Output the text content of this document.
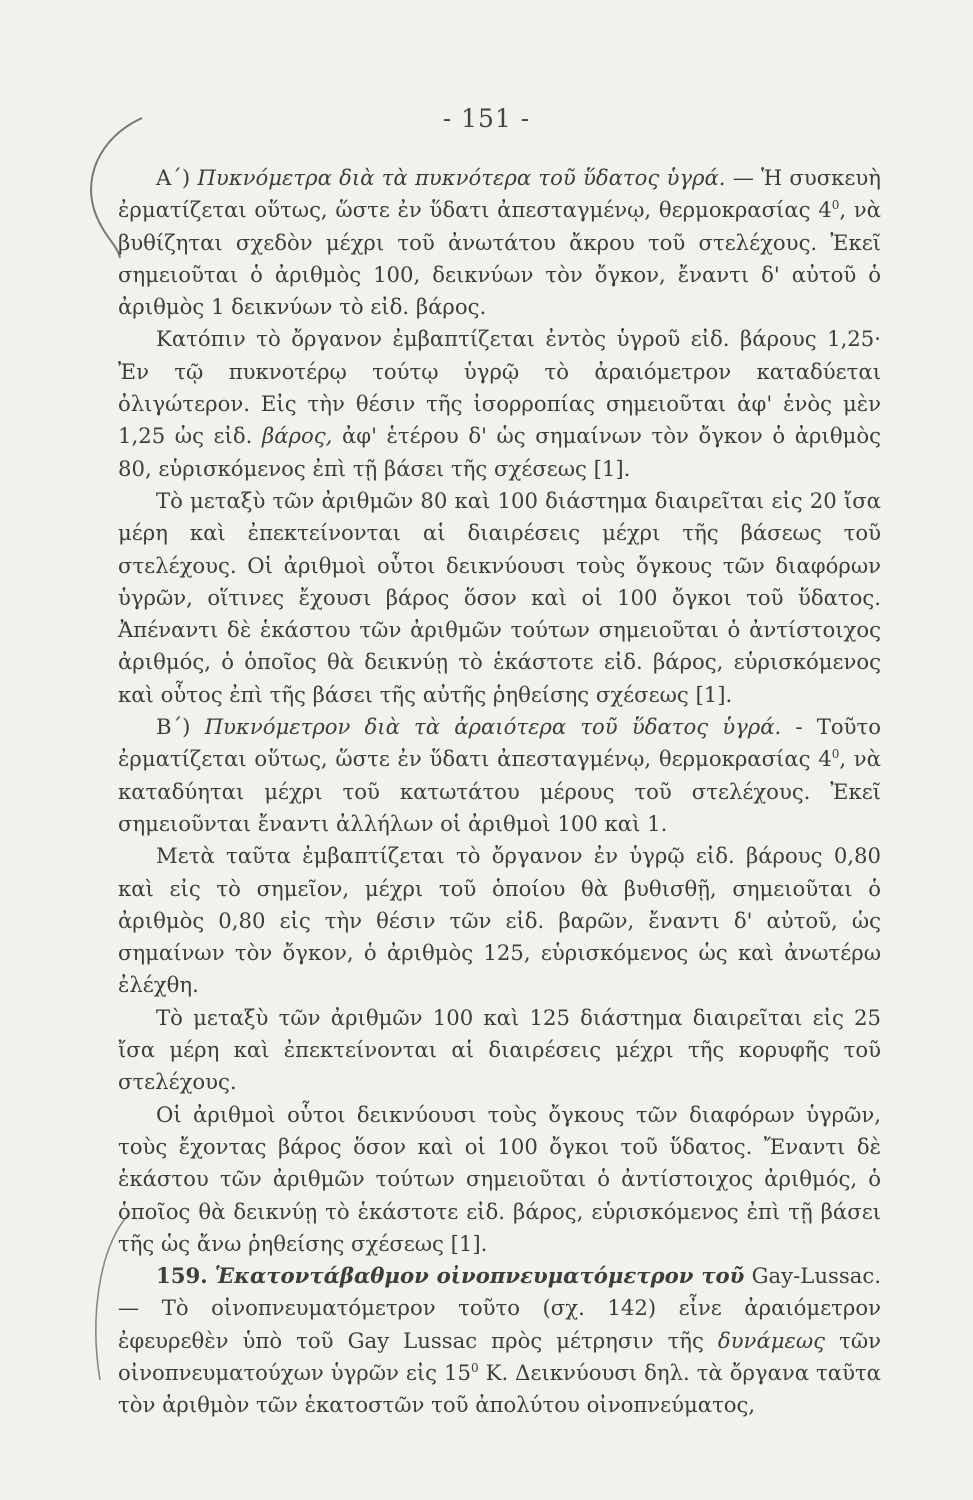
- 151 -

Α΄) Πυκνόμετρα διὰ τὰ πυκνότερα τοῦ ὕδατος ὑγρά. — Ἡ συσκευὴ ἐρματίζεται οὕτως, ὥστε ἐν ὕδατι ἀπεσταγμένῳ, θερμοκρασίας $4^0$, νὰ βυθίζηται σχεδὸν μέχρι τοῦ ἀνωτάτου ἄκρου τοῦ στελέχους. Ἐκεῖ σημειοῦται ὁ ἀριθμὸς 100, δεικνύων τὸν ὄγκον, ἔναντι δ' αὐτοῦ ὁ ἀριθμὸς 1 δεικνύων τὸ εἰδ. βάρος.

Κατόπιν τὸ ὄργανον ἐμβαπτίζεται ἐντὸς ὑγροῦ εἰδ. βάρους 1,25· Ἐν τῷ πυκνοτέρῳ τούτῳ ὑγρῷ τὸ ἀραιόμετρον καταδύεται ὀλιγώτερον. Εἰς τὴν θέσιν τῆς ἰσορροπίας σημειοῦται ἀφ' ἑνὸς μὲν 1,25 ὡς εἰδ. βάρος, ἀφ' ἑτέρου δ' ὡς σημαίνων τὸν ὄγκον ὁ ἀριθμὸς 80, εὑρισκόμενος ἐπὶ τῇ βάσει τῆς σχέσεως [1].

Τὸ μεταξὺ τῶν ἀριθμῶν 80 καὶ 100 διάστημα διαιρεῖται εἰς 20 ἴσα μέρη καὶ ἐπεκτείνονται αἱ διαιρέσεις μέχρι τῆς βάσεως τοῦ στελέχους. Οἱ ἀριθμοὶ οὗτοι δεικνύουσι τοὺς ὄγκους τῶν διαφόρων ὑγρῶν, οἵτινες ἔχουσι βάρος ὅσον καὶ οἱ 100 ὄγκοι τοῦ ὕδατος. Ἀπέναντι δὲ ἑκάστου τῶν ἀριθμῶν τούτων σημειοῦται ὁ ἀντίστοιχος ἀριθμός, ὁ ὁποῖος θὰ δεικνύῃ τὸ ἑκάστοτε εἰδ. βάρος, εὑρισκόμενος καὶ οὗτος ἐπὶ τῆς βάσει τῆς αὐτῆς ῥηθείσης σχέσεως [1].

Β΄) Πυκνόμετρον διὰ τὰ ἀραιότερα τοῦ ὕδατος ὑγρά. - Τοῦτο ἐρματίζεται οὕτως, ὥστε ἐν ὕδατι ἀπεσταγμένῳ, θερμοκρασίας $4^0$, νὰ καταδύηται μέχρι τοῦ κατωτάτου μέρους τοῦ στελέχους. Ἐκεῖ σημειοῦνται ἔναντι ἀλλήλων οἱ ἀριθμοὶ 100 καὶ 1.

Μετὰ ταῦτα ἐμβαπτίζεται τὸ ὄργανον ἐν ὑγρῷ εἰδ. βάρους 0,80 καὶ εἰς τὸ σημεῖον, μέχρι τοῦ ὁποίου θὰ βυθισθῇ, σημειοῦται ὁ ἀριθμὸς 0,80 εἰς τὴν θέσιν τῶν εἰδ. βαρῶν, ἔναντι δ' αὐτοῦ, ὡς σημαίνων τὸν ὄγκον, ὁ ἀριθμὸς 125, εὑρισκόμενος ὡς καὶ ἀνωτέρω ἐλέχθη.

Τὸ μεταξὺ τῶν ἀριθμῶν 100 καὶ 125 διάστημα διαιρεῖται εἰς 25 ἴσα μέρη καὶ ἐπεκτείνονται αἱ διαιρέσεις μέχρι τῆς κορυφῆς τοῦ στελέχους.

Οἱ ἀριθμοὶ οὗτοι δεικνύουσι τοὺς ὄγκους τῶν διαφόρων ὑγρῶν, τοὺς ἔχοντας βάρος ὅσον καὶ οἱ 100 ὄγκοι τοῦ ὕδατος. Ἔναντι δὲ ἑκάστου τῶν ἀριθμῶν τούτων σημειοῦται ὁ ἀντίστοιχος ἀριθμός, ὁ ὁποῖος θὰ δεικνύῃ τὸ ἑκάστοτε εἰδ. βάρος, εὑρισκόμενος ἐπὶ τῇ βάσει τῆς ὡς ἄνω ῥηθείσης σχέσεως [1].

159. Ἑκατοντάβαθμον οἰνοπνευματόμετρον τοῦ Gay-Lussac. — Τὸ οἰνοπνευματόμετρον τοῦτο (σχ. 142) εἶνε ἀραιόμετρον ἐφευρεθὲν ὑπὸ τοῦ Gay Lussac πρὸς μέτρησιν τῆς δυνάμεως τῶν οἰνοπνευματούχων ὑγρῶν εἰς $15^0$ Κ. Δεικνύουσι δηλ. τὰ ὄργανα ταῦτα τὸν ἀριθμὸν τῶν ἑκατοστῶν τοῦ ἀπολύτου οἰνοπνεύματος,
